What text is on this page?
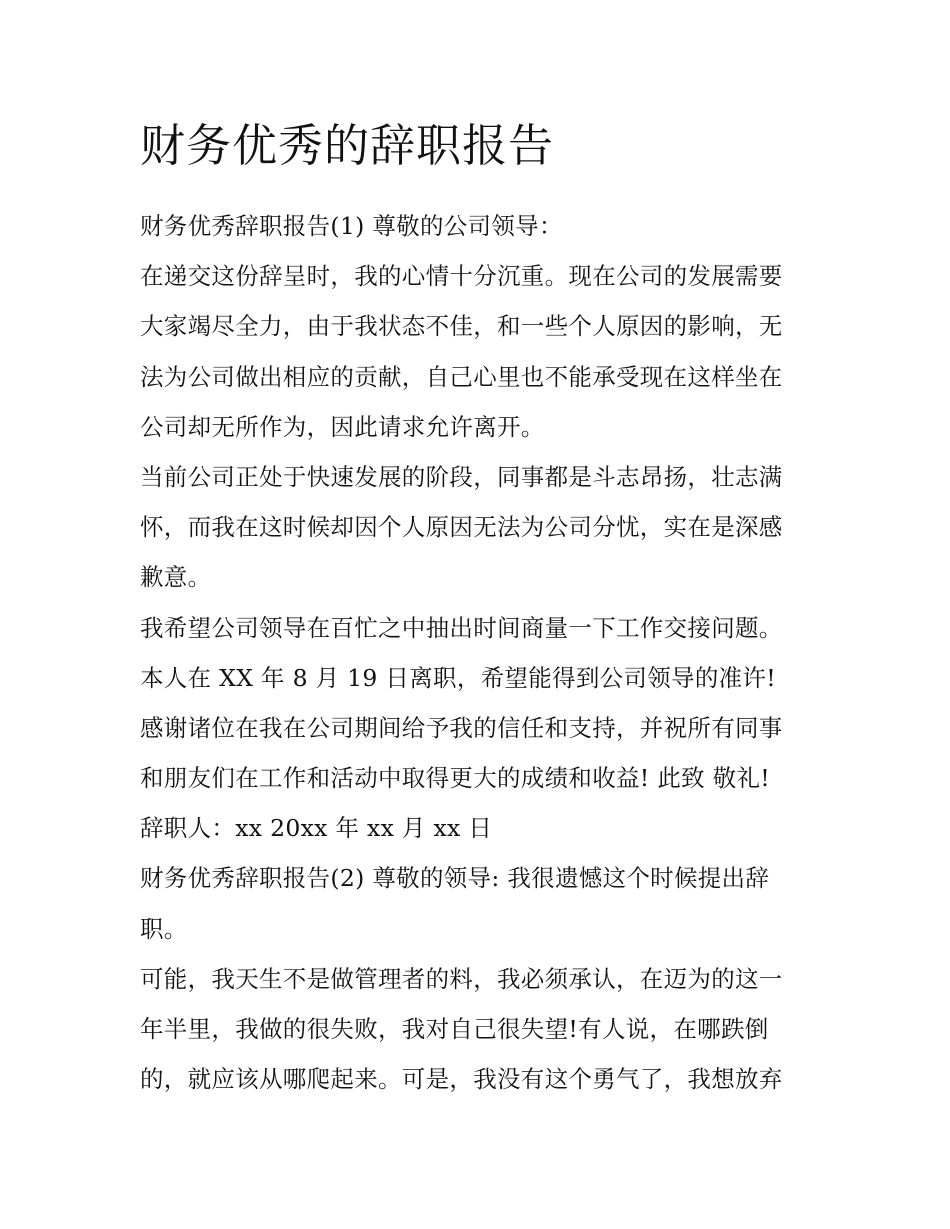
财务优秀的辞职报告
财务优秀辞职报告(1) 尊敬的公司领导：
在递交这份辞呈时，我的心情十分沉重。现在公司的发展需要
大家竭尽全力，由于我状态不佳，和一些个人原因的影响，无
法为公司做出相应的贡献，自己心里也不能承受现在这样坐在
公司却无所作为，因此请求允许离开。
当前公司正处于快速发展的阶段，同事都是斗志昂扬，壮志满
怀，而我在这时候却因个人原因无法为公司分忧，实在是深感
歉意。
我希望公司领导在百忙之中抽出时间商量一下工作交接问题。
本人在 XX 年 8 月 19 日离职，希望能得到公司领导的准许!
感谢诸位在我在公司期间给予我的信任和支持，并祝所有同事
和朋友们在工作和活动中取得更大的成绩和收益! 此致 敬礼!
辞职人：xx 20xx 年 xx 月 xx 日
财务优秀辞职报告(2) 尊敬的领导: 我很遗憾这个时候提出辞
职。
可能，我天生不是做管理者的料，我必须承认，在迈为的这一
年半里，我做的很失败，我对自己很失望!有人说，在哪跌倒
的，就应该从哪爬起来。可是，我没有这个勇气了，我想放弃
